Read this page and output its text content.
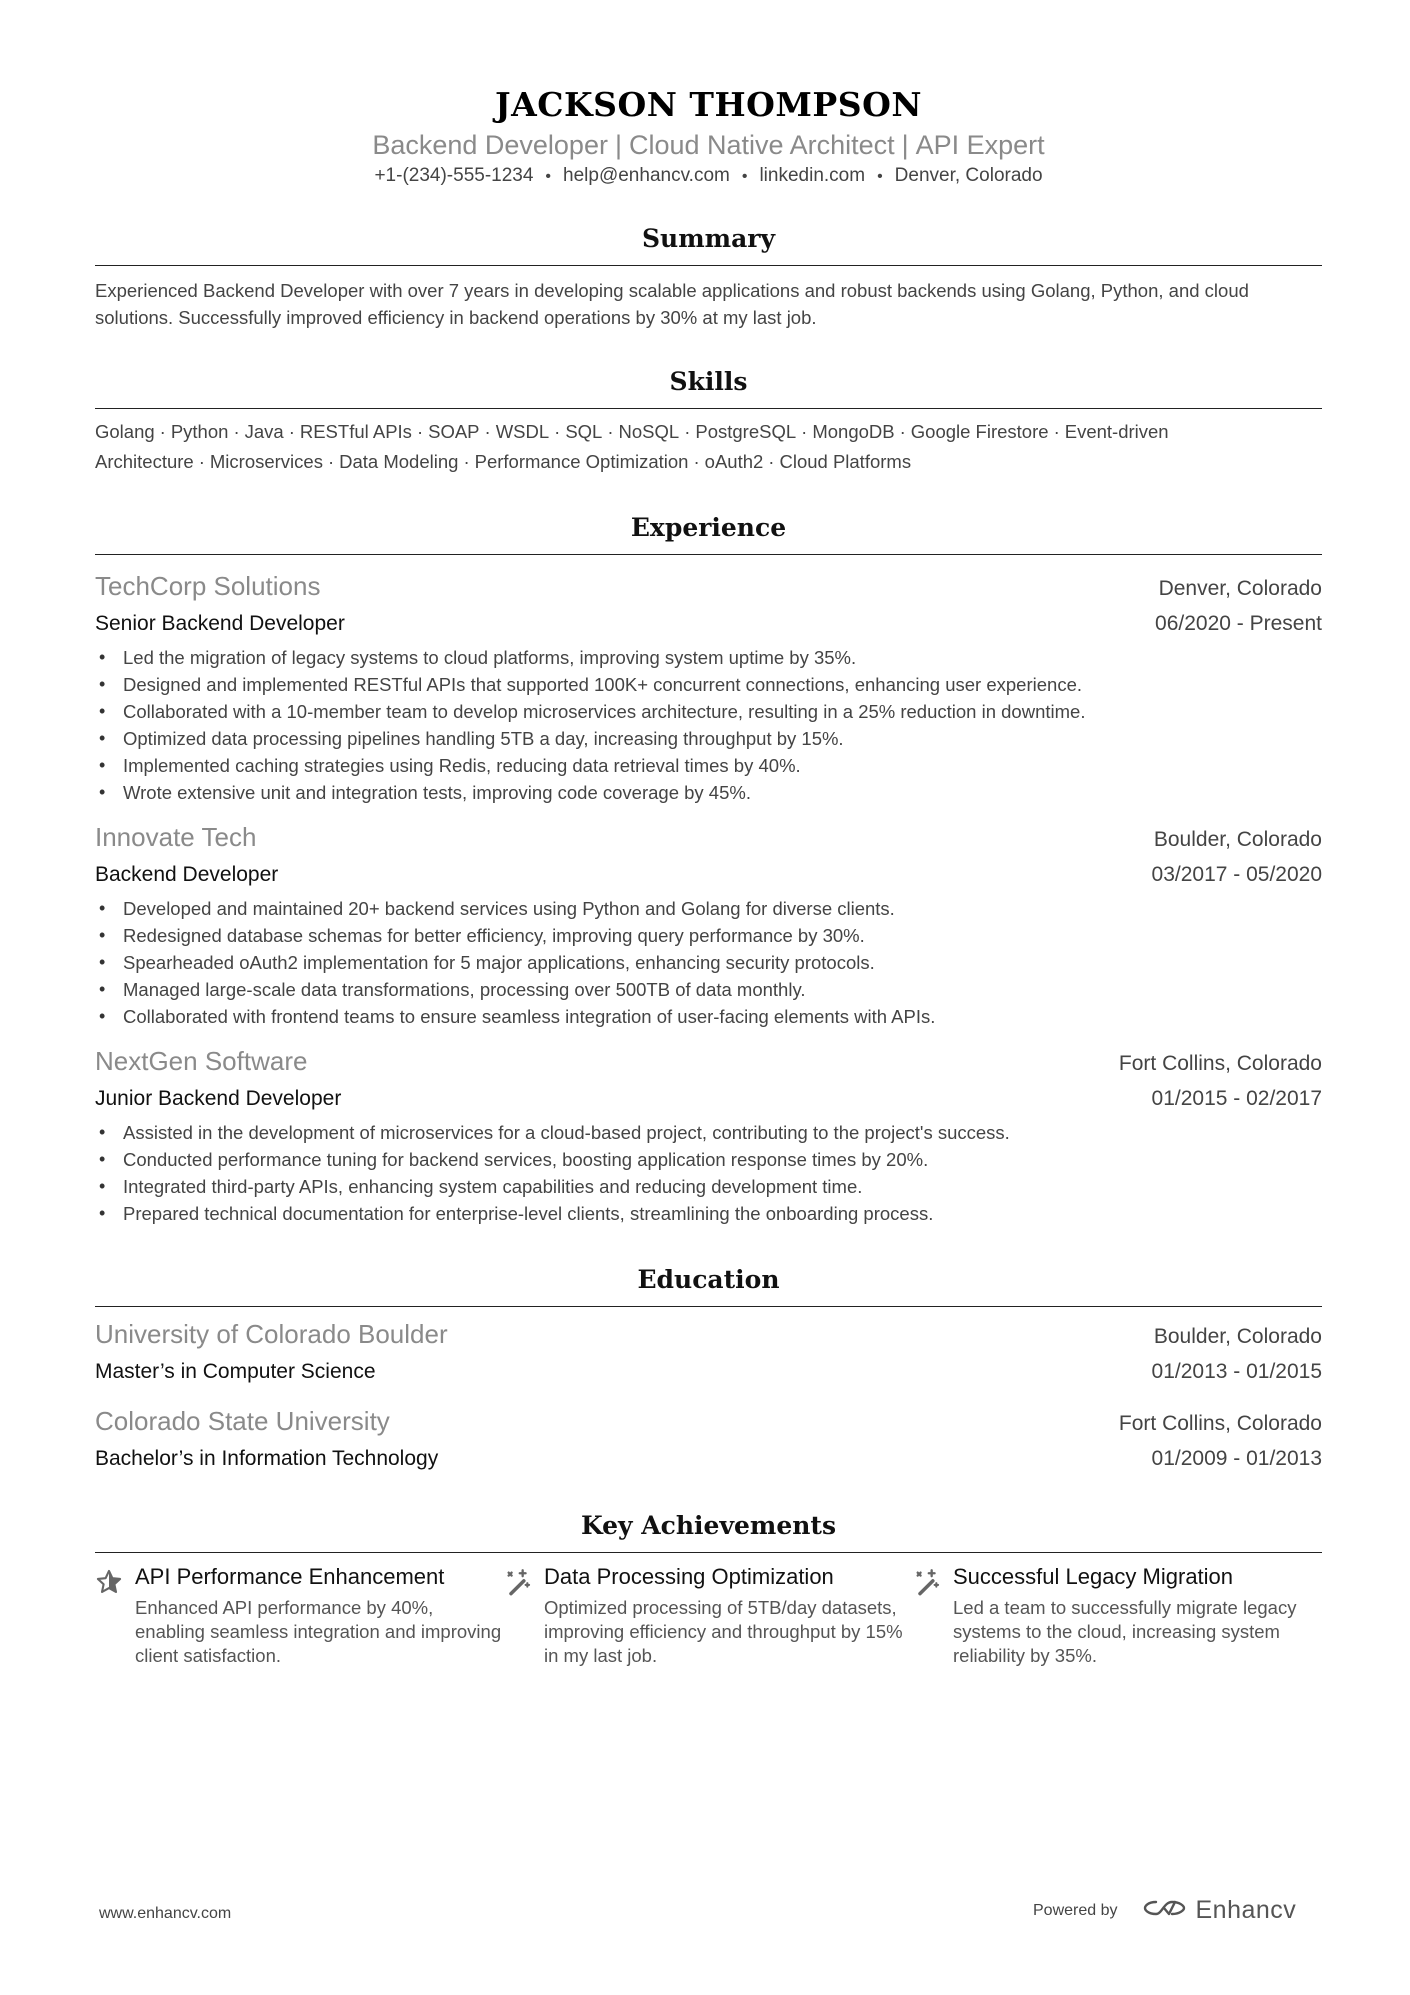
JACKSON THOMPSON
Backend Developer | Cloud Native Architect | API Expert
+1-(234)-555-1234 • help@enhancv.com • linkedin.com • Denver, Colorado
Summary
Experienced Backend Developer with over 7 years in developing scalable applications and robust backends using Golang, Python, and cloud solutions. Successfully improved efficiency in backend operations by 30% at my last job.
Skills
Golang · Python · Java · RESTful APIs · SOAP · WSDL · SQL · NoSQL · PostgreSQL · MongoDB · Google Firestore · Event-driven Architecture · Microservices · Data Modeling · Performance Optimization · oAuth2 · Cloud Platforms
Experience
TechCorp Solutions	Denver, Colorado
Senior Backend Developer	06/2020 - Present
• Led the migration of legacy systems to cloud platforms, improving system uptime by 35%.
• Designed and implemented RESTful APIs that supported 100K+ concurrent connections, enhancing user experience.
• Collaborated with a 10-member team to develop microservices architecture, resulting in a 25% reduction in downtime.
• Optimized data processing pipelines handling 5TB a day, increasing throughput by 15%.
• Implemented caching strategies using Redis, reducing data retrieval times by 40%.
• Wrote extensive unit and integration tests, improving code coverage by 45%.
Innovate Tech	Boulder, Colorado
Backend Developer	03/2017 - 05/2020
• Developed and maintained 20+ backend services using Python and Golang for diverse clients.
• Redesigned database schemas for better efficiency, improving query performance by 30%.
• Spearheaded oAuth2 implementation for 5 major applications, enhancing security protocols.
• Managed large-scale data transformations, processing over 500TB of data monthly.
• Collaborated with frontend teams to ensure seamless integration of user-facing elements with APIs.
NextGen Software	Fort Collins, Colorado
Junior Backend Developer	01/2015 - 02/2017
• Assisted in the development of microservices for a cloud-based project, contributing to the project's success.
• Conducted performance tuning for backend services, boosting application response times by 20%.
• Integrated third-party APIs, enhancing system capabilities and reducing development time.
• Prepared technical documentation for enterprise-level clients, streamlining the onboarding process.
Education
University of Colorado Boulder	Boulder, Colorado
Master’s in Computer Science	01/2013 - 01/2015
Colorado State University	Fort Collins, Colorado
Bachelor’s in Information Technology	01/2009 - 01/2013
Key Achievements
API Performance Enhancement
Enhanced API performance by 40%, enabling seamless integration and improving client satisfaction.
Data Processing Optimization
Optimized processing of 5TB/day datasets, improving efficiency and throughput by 15% in my last job.
Successful Legacy Migration
Led a team to successfully migrate legacy systems to the cloud, increasing system reliability by 35%.
www.enhancv.com	Powered by	Enhancv
